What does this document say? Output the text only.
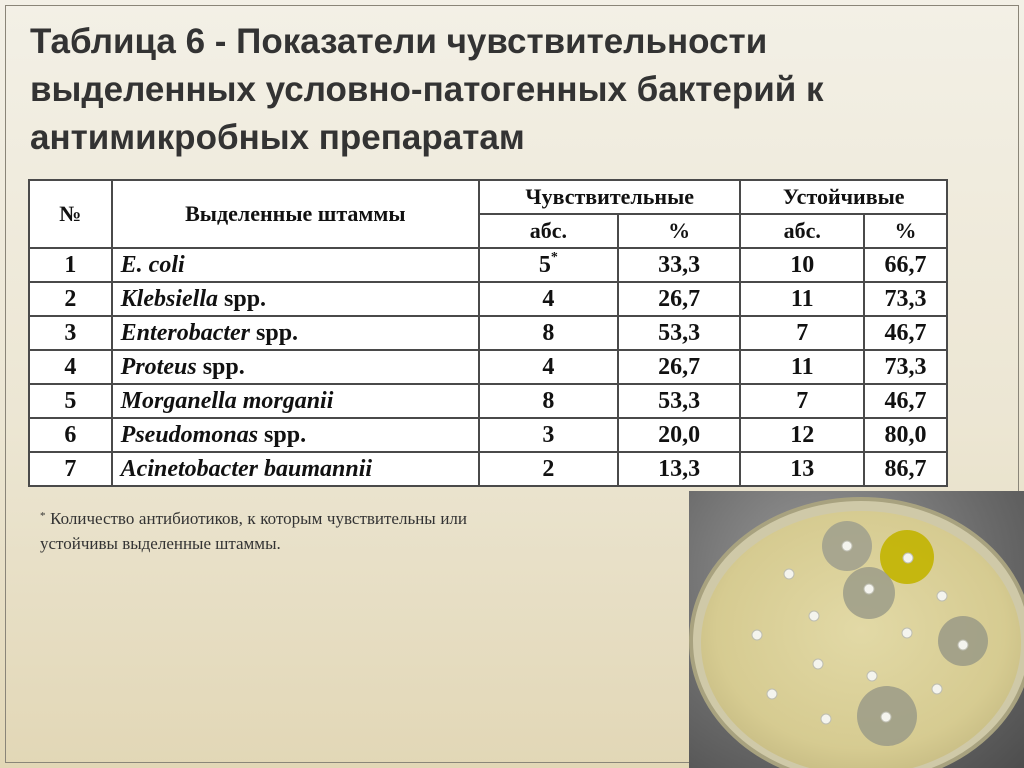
Таблица 6 - Показатели чувствительности
выделенных условно-патогенных бактерий к
антимикробных препаратам
№	Выделенные штаммы	Чувствительные		Устойчивые	
		абс.	%	абс.	%
1	E. coli	5*	33,3	10	66,7
2	Klebsiella spp.	4	26,7	11	73,3
3	Enterobacter spp.	8	53,3	7	46,7
4	Proteus spp.	4	26,7	11	73,3
5	Morganella morganii	8	53,3	7	46,7
6	Pseudomonas spp.	3	20,0	12	80,0
7	Acinetobacter baumannii	2	13,3	13	86,7
* Количество антибиотиков, к которым чувствительны или устойчивы выделенные штаммы.
